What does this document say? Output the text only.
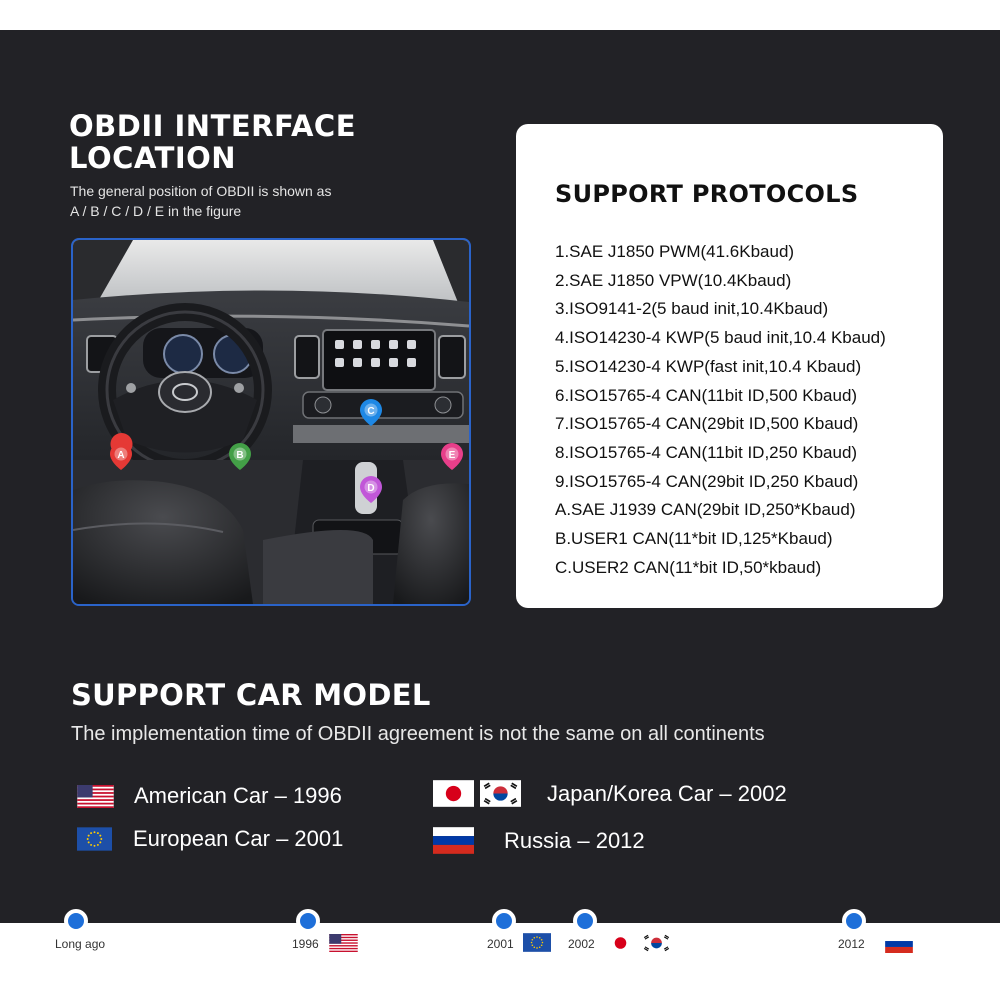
OBDII INTERFACE
LOCATION

The general position of OBDII is shown as
A / B / C / D / E in the figure

A	B
C
D
E
SUPPORT PROTOCOLS
1.SAE J1850 PWM(41.6Kbaud)
2.SAE J1850 VPW(10.4Kbaud)
3.ISO9141-2(5 baud init,10.4Kbaud)
4.ISO14230-4 KWP(5 baud init,10.4 Kbaud)
5.ISO14230-4 KWP(fast init,10.4 Kbaud)
6.ISO15765-4 CAN(11bit ID,500 Kbaud)
7.ISO15765-4 CAN(29bit ID,500 Kbaud)
8.ISO15765-4 CAN(11bit ID,250 Kbaud)
9.ISO15765-4 CAN(29bit ID,250 Kbaud)
A.SAE J1939 CAN(29bit ID,250*Kbaud)
B.USER1 CAN(11*bit ID,125*Kbaud)
C.USER2 CAN(11*bit ID,50*kbaud)
SUPPORT CAR MODEL

The implementation time of OBDII agreement is not the same on all continents

American Car – 1996
European Car – 2001
Japan/Korea Car – 2002
Russia – 2012
Long ago	1996	2001	2002	2012
